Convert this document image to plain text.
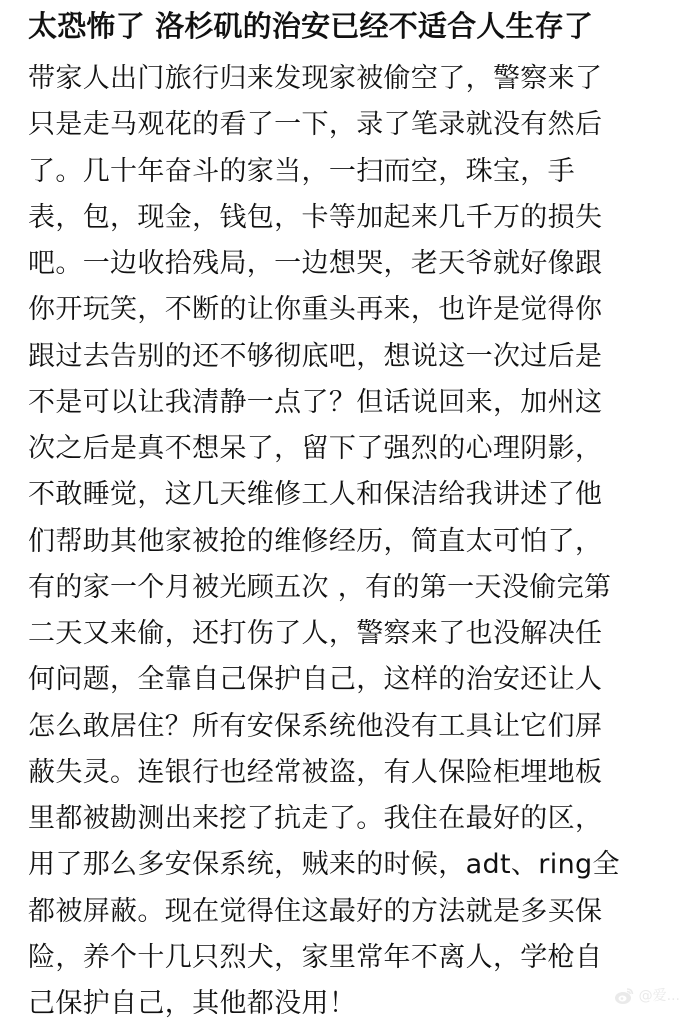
太恐怖了 洛杉矶的治安已经不适合人生存了
带家人出门旅行归来发现家被偷空了，警察来了
只是走马观花的看了一下，录了笔录就没有然后
了。几十年奋斗的家当，一扫而空，珠宝，手
表，包，现金，钱包，卡等加起来几千万的损失
吧。一边收拾残局，一边想哭，老天爷就好像跟
你开玩笑，不断的让你重头再来，也许是觉得你
跟过去告别的还不够彻底吧，想说这一次过后是
不是可以让我清静一点了？但话说回来，加州这
次之后是真不想呆了，留下了强烈的心理阴影，
不敢睡觉，这几天维修工人和保洁给我讲述了他
们帮助其他家被抢的维修经历，简直太可怕了，
有的家一个月被光顾五次 ，有的第一天没偷完第
二天又来偷，还打伤了人，警察来了也没解决任
何问题，全靠自己保护自己，这样的治安还让人
怎么敢居住？所有安保系统他没有工具让它们屏
蔽失灵。连银行也经常被盗，有人保险柜埋地板
里都被勘测出来挖了抗走了。我住在最好的区，
用了那么多安保系统，贼来的时候，adt、ring全
都被屏蔽。现在觉得住这最好的方法就是多买保
险，养个十几只烈犬，家里常年不离人，学枪自
己保护自己，其他都没用！	@爱...
